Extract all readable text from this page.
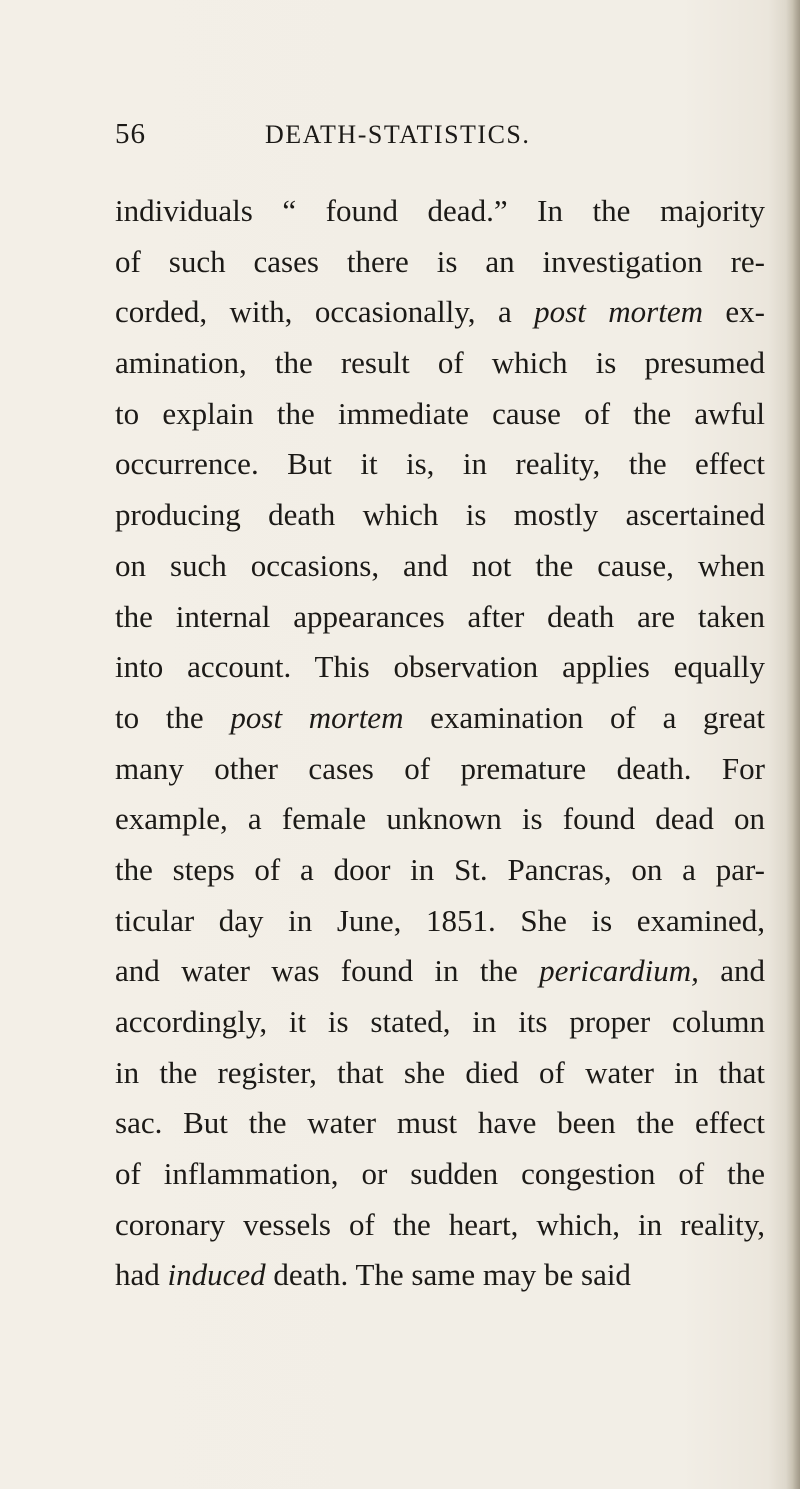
56	DEATH-STATISTICS.
individuals “ found dead.” In the majority
of such cases there is an investigation re-
corded, with, occasionally, a post mortem ex-
amination, the result of which is presumed
to explain the immediate cause of the awful
occurrence. But it is, in reality, the effect
producing death which is mostly ascertained
on such occasions, and not the cause, when
the internal appearances after death are taken
into account. This observation applies equally
to the post mortem examination of a great
many other cases of premature death. For
example, a female unknown is found dead on
the steps of a door in St. Pancras, on a par-
ticular day in June, 1851. She is examined,
and water was found in the pericardium, and
accordingly, it is stated, in its proper column
in the register, that she died of water in that
sac. But the water must have been the effect
of inflammation, or sudden congestion of the
coronary vessels of the heart, which, in reality,
had induced death. The same may be said
